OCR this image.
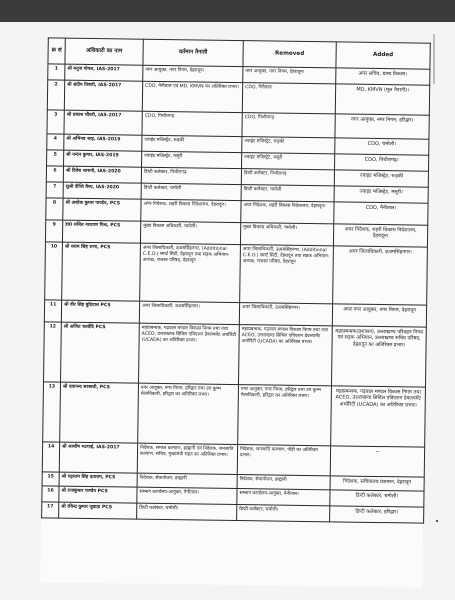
क्र सं	अधिकारी का नाम	वर्तमान तैनाती	Removed	Added
1	श्री मनुज गोयल, IAS-2017	नगर आयुक्त, नगर निगम, देहरादून।	नगर आयुक्त, नगर निगम, देहरादून।	अपर सचिव, ग्राम्य विकास।
2	श्री संदीप तिवारी, IAS-2017	CDO, नैनीताल एवं MD, KMVN का अतिरिक्त प्रभार।	CDO, नैनीताल	MD, KMVN (मूल तैनाती)।
3	श्री प्रकाश चौधरी, IAS-2017	CDO, पिथौरागढ़	CDO, पिथौरागढ़	नगर आयुक्त, नगर निगम, हरिद्वार।
4	श्री अभिनव शाह, IAS-2019	ज्वाइंट मजिस्ट्रेट, रूड़की	ज्वाइंट मजिस्ट्रेट, रूड़की	CDO, चमोली।
5	श्री नन्दन कुमार, IAS-2019	ज्वाइंट मजिस्ट्रेट, मसूरी	ज्वाइंट मजिस्ट्रेट, मसूरी	CDO, पिथौरागढ़।
6	श्री दिवेश शाशनी, IAS-2020	डिप्टी कलेक्टर, पिथौरागढ़	डिप्टी कलेक्टर, पिथौरागढ़	ज्वाइंट मजिस्ट्रेट, रूड़की
7	सुश्री दीप्ति वैश्य, IAS-2020	डिप्टी कलेक्टर, चमोली	डिप्टी कलेक्टर, चमोली	ज्वाइंट मजिस्ट्रेट, मसूरी।
8	श्री अशोक कुमार पाण्डेय, PCS	अपर निदेशक, शहरी विकास निदेशालय, देहरादून।	अपर निदेशक, शहरी विकास निदेशालय, देहरादून।	CDO, नैनीताल।
9	डा0 ललित नारायण मिश्र, PCS	मुख्य विकास अधिकारी, चमोली।	मुख्य विकास अधिकारी, चमोली।	अपर निदेशक, शहरी विकास निदेशालय, देहरादून।
10	श्री श्याम सिंह राणा, PCS	अपर जिलाधिकारी, ऊधमसिंहनगर, (Additional C.E.O.) स्मार्ट सिटी, देहरादून तथा सड़क अभियान-अध्यक्ष, राजस्व परिषद, देहरादून	अपर जिलाधिकारी, ऊधमसिंहनगर, (Additional C.E.O.) स्मार्ट सिटी, देहरादून तथा सड़क अभियान-अध्यक्ष, राजस्व परिषद, देहरादून	अपर जिलाधिकारी, ऊधमसिंहनगर।
11	श्री वीर सिंह बुदियाल PCS	अपर जिलाधिकारी, ऊधमसिंहनगर।	अपर जिलाधिकारी, ऊधमसिंहनगर।	अपर नगर आयुक्त, नगर निगम, देहरादून
12	श्री अजित चतर्वेदि PCS	महाप्रबन्धक, गढ़वाल मण्डल विकास निगम तथा तथा ACEO, उत्तराखण्ड सिविल एविएशन डेवलपमेंट अथॉरिटी (UCADA) का अतिरिक्त प्रभार।	महाप्रबन्धक, गढ़वाल मण्डल विकास निगम तथा तथा ACEO, उत्तराखण्ड सिविल एविएशन डेवलपमेंट अथॉरिटी (UCADA) का अतिरिक्त प्रभार।	महाप्रबन्धक(प्रशासन), उत्तराखण्ड परिवहन निगम एवं सड़क अभियान, उत्तराखण्ड सचिव परिषद, देहरादून का अतिरिक्त प्रभार।
13	श्री दयानन्द सरस्वती, PCS	नगर आयुक्त, नगर निगम, हरिद्वार तथा उप कुम्भ मेलाधिकारी, हरिद्वार का अतिरिक्त प्रभार।	नगर आयुक्त, नगर निगम, हरिद्वार तथा उप कुम्भ मेलाधिकारी, हरिद्वार का अतिरिक्त प्रभार।	महाप्रबन्धक, गढ़वाल मण्डल विकास निगम तथा ACEO, उत्तराखण्ड सिविल एविएशन डेवलपमेंट अथॉरिटी (UCADA) का अतिरिक्त प्रभार।
14	श्री आशीष भटगाई, IAS-2017	निदेशक, समाज कल्याण, हल्द्वानी एवं निदेशक, जनजाति कल्याण, सचिव, मुख्यमंत्री राहत का अतिरिक्त प्रभार।	निदेशक, जनजाति कल्याण, पौड़ी का अतिरिक्त प्रभार।	--
15	श्री गढ़ाराम सिंह दताराम, PCS	निदेशक, सेवायोजन, हल्द्वानी	निदेशक, सेवायोजन, हल्द्वानी	निदेशक, सचिवालय प्रशासन, देहरादून
16	श्री राजकुमार पाण्डेय PCS	सम्भाग कार्यालय-आयुक्त, नैनीताल।	सम्भाग कार्यालय-आयुक्त, नैनीताल।	डिप्टी कलेक्टर, चमोली।
17	श्री रविन्द्र कुमार जुवाठा PCS	डिप्टी कलेक्टर, चमोली।	डिप्टी कलेक्टर, चमोली।	डिप्टी कलेक्टर, हरिद्वार।
